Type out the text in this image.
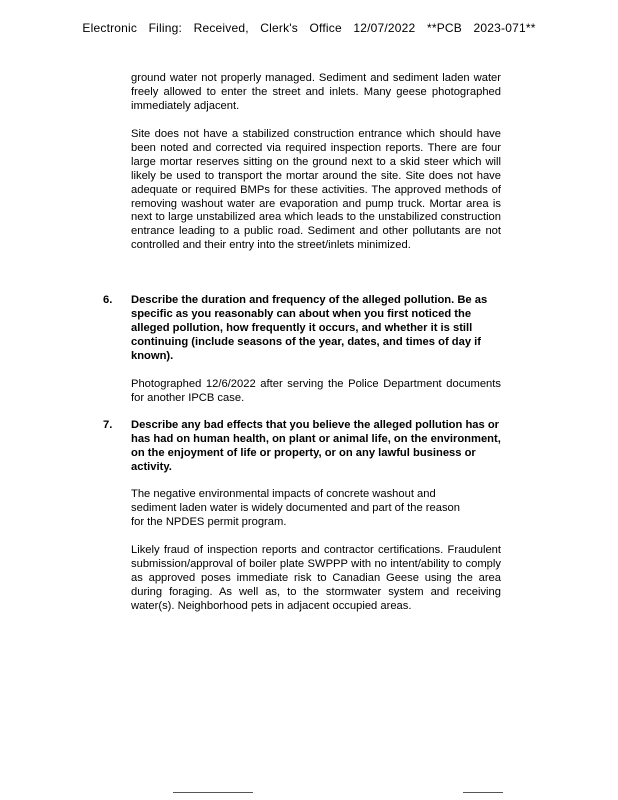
Electronic Filing: Received, Clerk's Office 12/07/2022 **PCB 2023-071**

ground water not properly managed. Sediment and sediment laden water freely allowed to enter the street and inlets. Many geese photographed immediately adjacent.

Site does not have a stabilized construction entrance which should have been noted and corrected via required inspection reports. There are four large mortar reserves sitting on the ground next to a skid steer which will likely be used to transport the mortar around the site. Site does not have adequate or required BMPs for these activities. The approved methods of removing washout water are evaporation and pump truck. Mortar area is next to large unstabilized area which leads to the unstabilized construction entrance leading to a public road. Sediment and other pollutants are not controlled and their entry into the street/inlets minimized.

6. Describe the duration and frequency of the alleged pollution. Be as specific as you reasonably can about when you first noticed the alleged pollution, how frequently it occurs, and whether it is still continuing (include seasons of the year, dates, and times of day if known).

Photographed 12/6/2022 after serving the Police Department documents for another IPCB case.

7. Describe any bad effects that you believe the alleged pollution has or has had on human health, on plant or animal life, on the environment, on the enjoyment of life or property, or on any lawful business or activity.

The negative environmental impacts of concrete washout and sediment laden water is widely documented and part of the reason for the NPDES permit program.

Likely fraud of inspection reports and contractor certifications. Fraudulent submission/approval of boiler plate SWPPP with no intent/ability to comply as approved poses immediate risk to Canadian Geese using the area during foraging. As well as, to the stormwater system and receiving water(s). Neighborhood pets in adjacent occupied areas.
